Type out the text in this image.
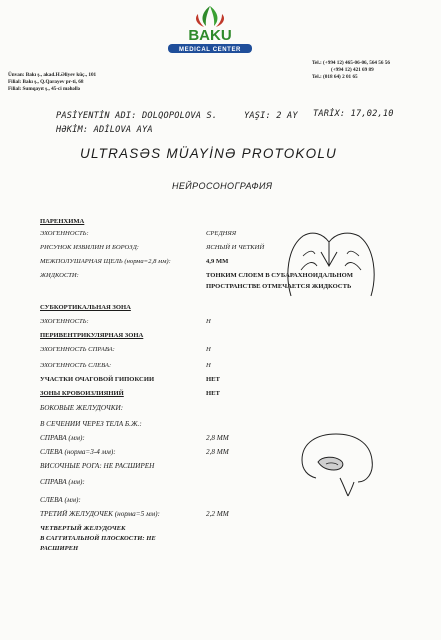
BAKU
MEDICAL CENTER
Ünvan: Bakı ş., akad.H.Əliyev küç., 101
Filial: Bakı ş., Q.Qarayev pr-ti, 68
Filial: Sumqayıt ş., 45-ci məhəllə
Tel.: (+994 12) 465-06-06, 564 56 56
(+994 12) 421 69 89
Tel.: (018 64) 2 01 65
PASİYENTİN ADI: DOLQOPOLOVA S.	YAŞI: 2 AY TARİX: 17,02,10
HƏKİM: ADİLOVA AYA
ULTRASƏS MÜAYİNƏ PROTOKOLU
НЕЙРОСОНОГРАФИЯ
ПАРЕНХИМА
ЭХОГЕННОСТЬ:	СРЕДНЯЯ
РИСУНОК ИЗВИЛИН И БОРОЗД:	ЯСНЫЙ И ЧЕТКИЙ
МЕЖПОЛУШАРНАЯ ЩЕЛЬ (норма=2,8 мм):	4,9 ММ
ЖИДКОСТИ:	ТОНКИМ СЛОЕМ В СУБАРАХНОИДАЛЬНОМ
ПРОСТРАНСТВЕ ОТМЕЧАЕТСЯ ЖИДКОСТЬ
СУБКОРТИКАЛЬНАЯ ЗОНА
ЭХОГЕННОСТЬ:	Н
ПЕРИВЕНТРИКУЛЯРНАЯ ЗОНА
ЭХОГЕННОСТЬ СПРАВА:	Н
ЭХОГЕННОСТЬ СЛЕВА:	Н
УЧАСТКИ ОЧАГОВОЙ ГИПОКСИИ	НЕТ
ЗОНЫ КРОВОИЗЛИЯНИЙ	НЕТ
БОКОВЫЕ ЖЕЛУДОЧКИ:
В СЕЧЕНИИ ЧЕРЕЗ ТЕЛА Б.Ж.:
СПРАВА (мм):	2,8 ММ
СЛЕВА (норма=3-4 мм):	2,8 ММ
ВИСОЧНЫЕ РОГА: НЕ РАСШИРЕН
СПРАВА (мм):
СЛЕВА (мм):
ТРЕТИЙ ЖЕЛУДОЧЕК (норма=5 мм):	2,2 ММ
ЧЕТВЕРТЫЙ ЖЕЛУДОЧЕК
В САГГИТАЛЬНОЙ ПЛОСКОСТИ: НЕ
РАСШИРЕН
